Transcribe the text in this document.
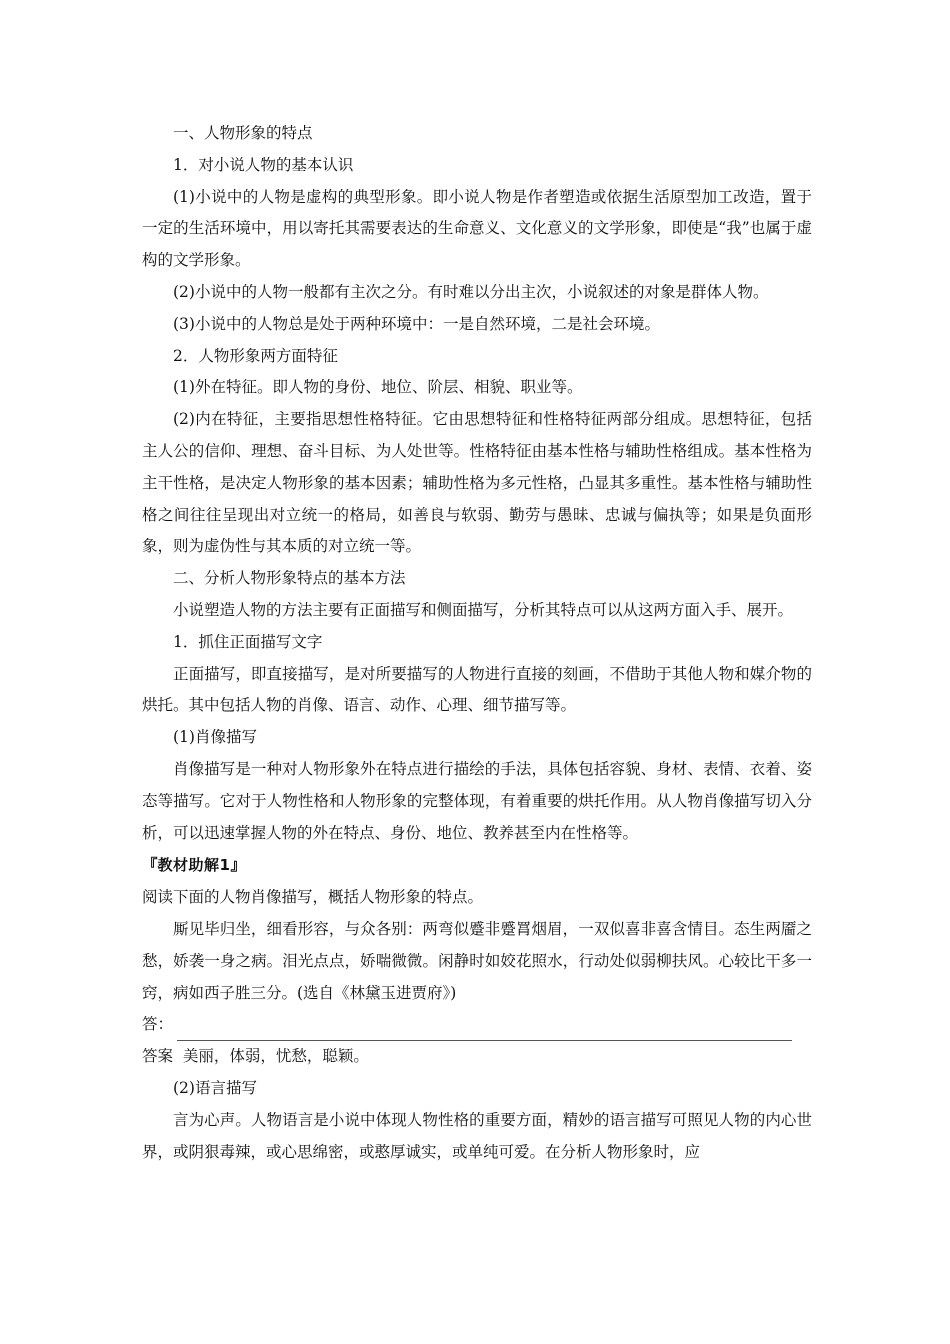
一、人物形象的特点

1．对小说人物的基本认识

(1)小说中的人物是虚构的典型形象。即小说人物是作者塑造或依据生活原型加工改造，置于一定的生活环境中，用以寄托其需要表达的生命意义、文化意义的文学形象，即使是“我”也属于虚构的文学形象。

(2)小说中的人物一般都有主次之分。有时难以分出主次，小说叙述的对象是群体人物。

(3)小说中的人物总是处于两种环境中：一是自然环境，二是社会环境。

2．人物形象两方面特征

(1)外在特征。即人物的身份、地位、阶层、相貌、职业等。

(2)内在特征，主要指思想性格特征。它由思想特征和性格特征两部分组成。思想特征，包括主人公的信仰、理想、奋斗目标、为人处世等。性格特征由基本性格与辅助性格组成。基本性格为主干性格，是决定人物形象的基本因素；辅助性格为多元性格，凸显其多重性。基本性格与辅助性格之间往往呈现出对立统一的格局，如善良与软弱、勤劳与愚昧、忠诚与偏执等；如果是负面形象，则为虚伪性与其本质的对立统一等。

二、分析人物形象特点的基本方法

小说塑造人物的方法主要有正面描写和侧面描写，分析其特点可以从这两方面入手、展开。

1．抓住正面描写文字

正面描写，即直接描写，是对所要描写的人物进行直接的刻画，不借助于其他人物和媒介物的烘托。其中包括人物的肖像、语言、动作、心理、细节描写等。

(1)肖像描写

肖像描写是一种对人物形象外在特点进行描绘的手法，具体包括容貌、身材、表情、衣着、姿态等描写。它对于人物性格和人物形象的完整体现，有着重要的烘托作用。从人物肖像描写切入分析，可以迅速掌握人物的外在特点、身份、地位、教养甚至内在性格等。

『教材助解1』

阅读下面的人物肖像描写，概括人物形象的特点。

厮见毕归坐，细看形容，与众各别：两弯似蹙非蹙罥烟眉，一双似喜非喜含情目。态生两靥之愁，娇袭一身之病。泪光点点，娇喘微微。闲静时如姣花照水，行动处似弱柳扶风。心较比干多一窍，病如西子胜三分。(选自《林黛玉进贾府》)

答：

答案 美丽，体弱，忧愁，聪颖。

(2)语言描写

言为心声。人物语言是小说中体现人物性格的重要方面，精妙的语言描写可照见人物的内心世界，或阴狠毒辣，或心思绵密，或憨厚诚实，或单纯可爱。在分析人物形象时，应
